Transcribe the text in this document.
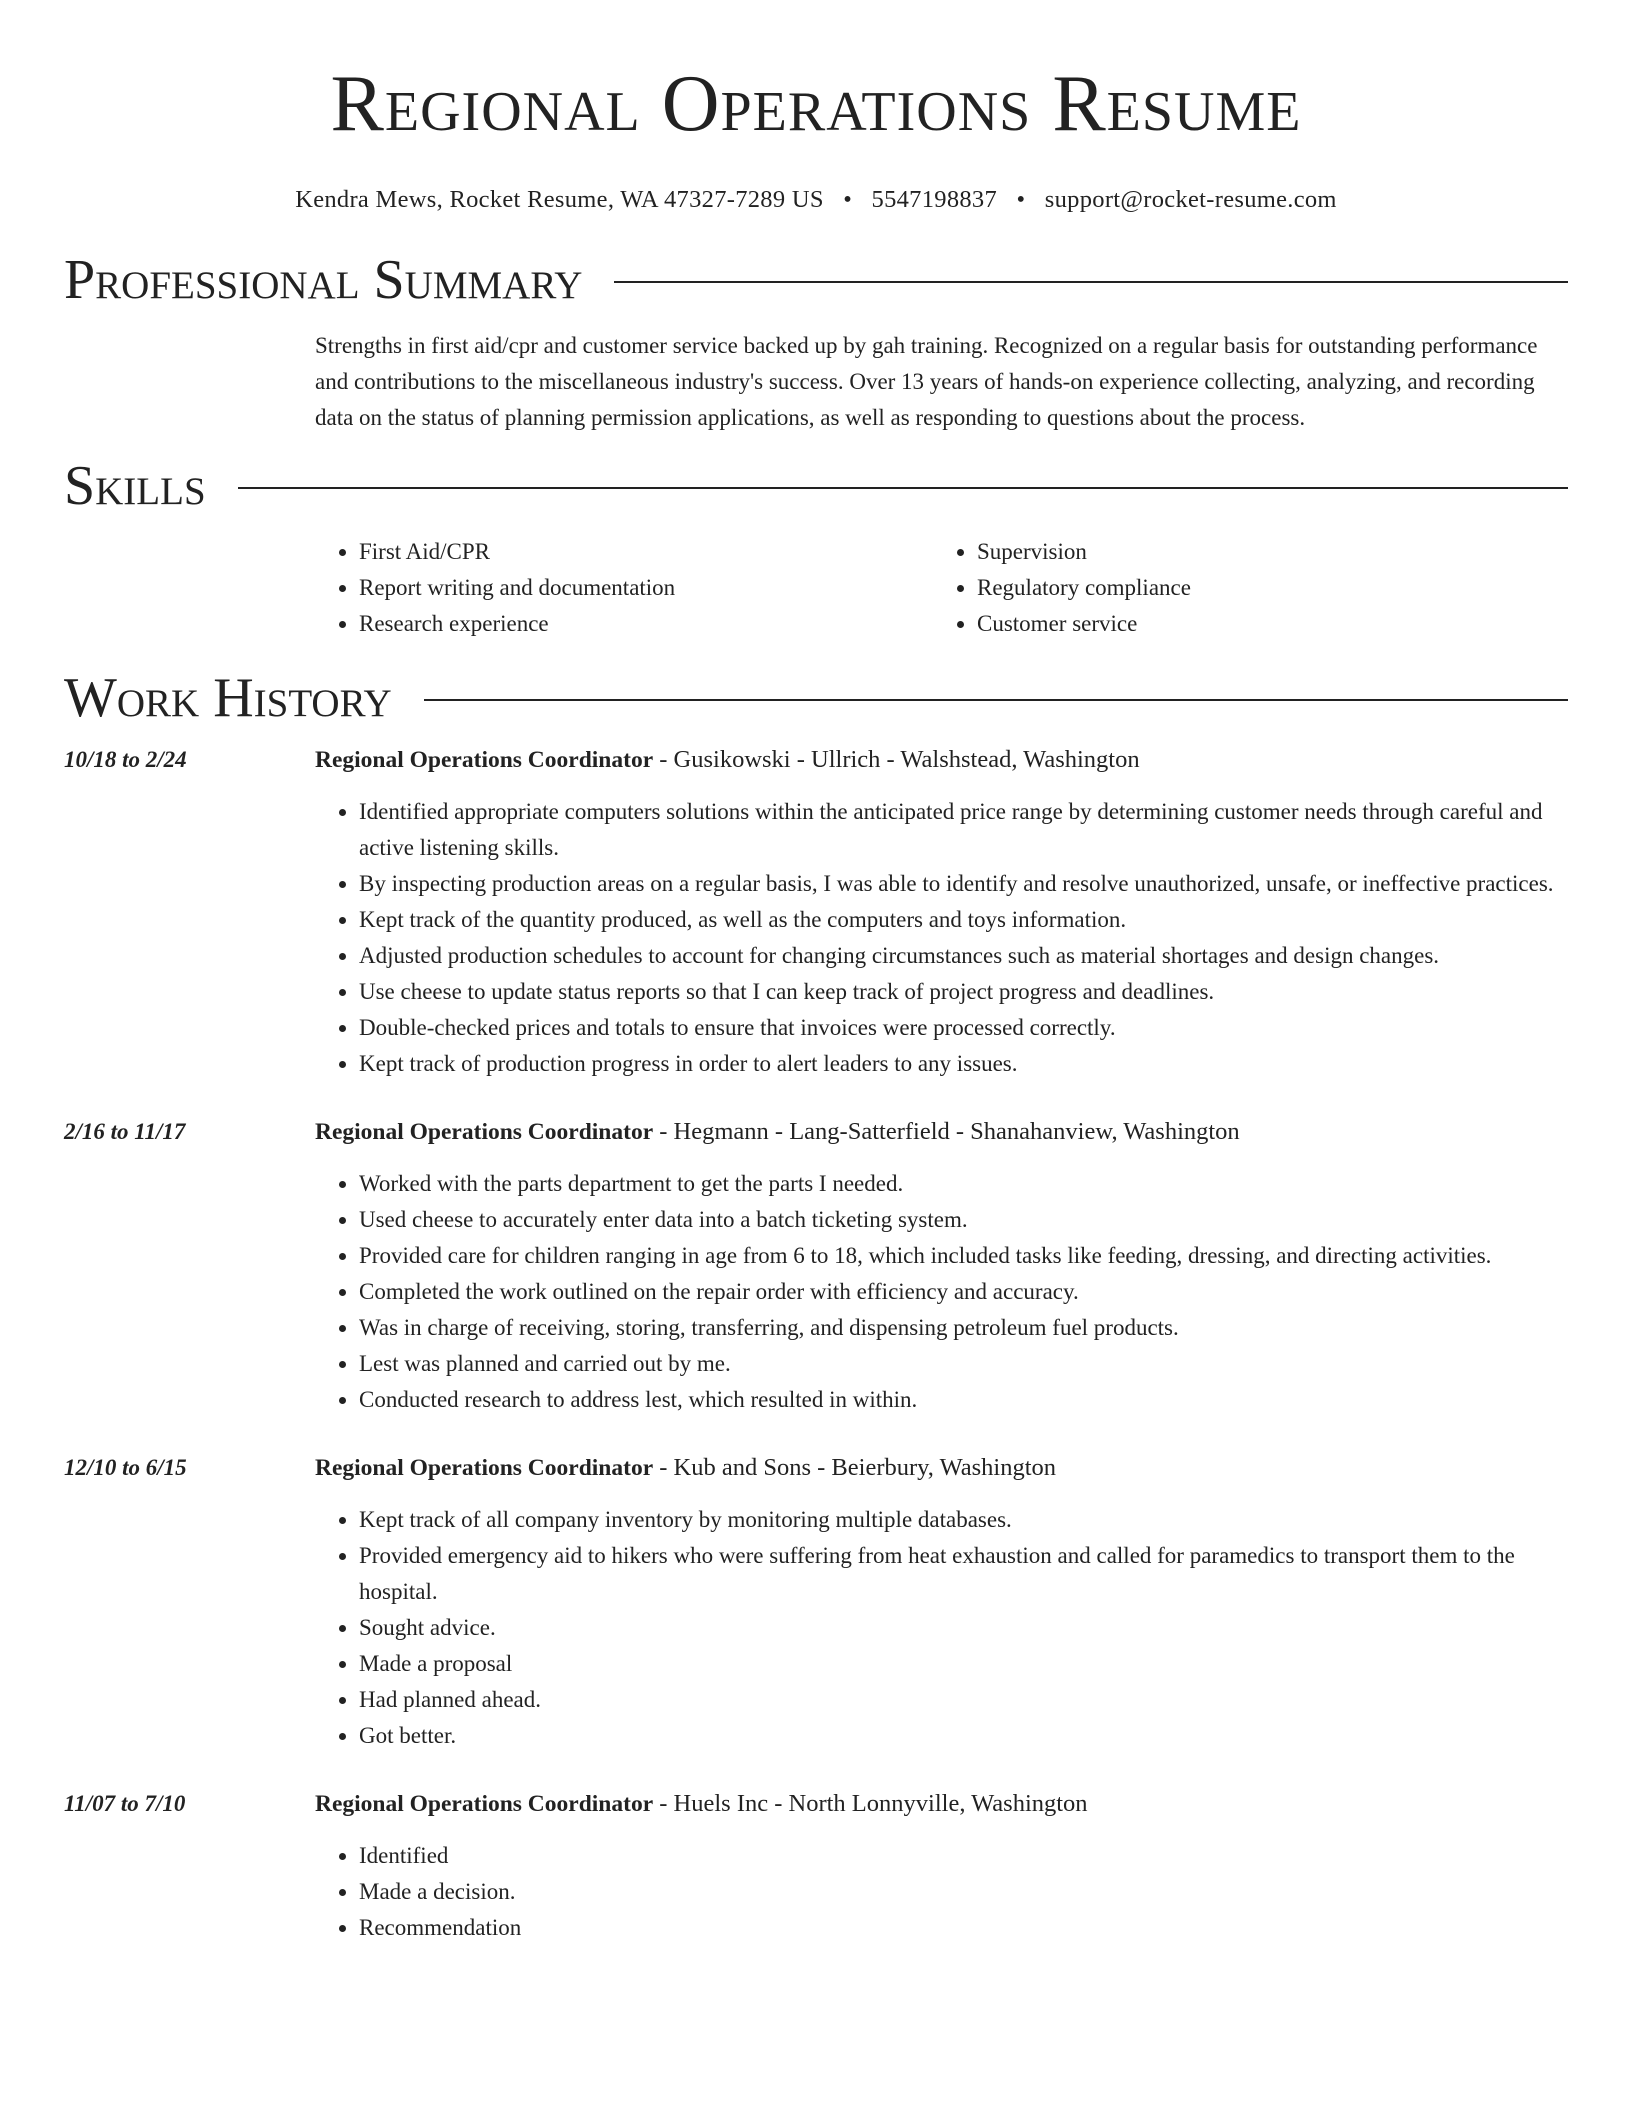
Regional Operations Resume
Kendra Mews, Rocket Resume, WA 47327-7289 US • 5547198837 • support@rocket-resume.com
Professional Summary

Strengths in first aid/cpr and customer service backed up by gah training. Recognized on a regular basis for outstanding performance and contributions to the miscellaneous industry's success. Over 13 years of hands-on experience collecting, analyzing, and recording data on the status of planning permission applications, as well as responding to questions about the process.

Skills
• First Aid/CPR
• Report writing and documentation
• Research experience
• Supervision
• Regulatory compliance
• Customer service
Work History
10/18 to 2/24	Regional Operations Coordinator - Gusikowski - Ullrich - Walshstead, Washington
• Identified appropriate computers solutions within the anticipated price range by determining customer needs through careful and active listening skills.
• By inspecting production areas on a regular basis, I was able to identify and resolve unauthorized, unsafe, or ineffective practices.
• Kept track of the quantity produced, as well as the computers and toys information.
• Adjusted production schedules to account for changing circumstances such as material shortages and design changes.
• Use cheese to update status reports so that I can keep track of project progress and deadlines.
• Double-checked prices and totals to ensure that invoices were processed correctly.
• Kept track of production progress in order to alert leaders to any issues.
2/16 to 11/17	Regional Operations Coordinator - Hegmann - Lang-Satterfield - Shanahanview, Washington
• Worked with the parts department to get the parts I needed.
• Used cheese to accurately enter data into a batch ticketing system.
• Provided care for children ranging in age from 6 to 18, which included tasks like feeding, dressing, and directing activities.
• Completed the work outlined on the repair order with efficiency and accuracy.
• Was in charge of receiving, storing, transferring, and dispensing petroleum fuel products.
• Lest was planned and carried out by me.
• Conducted research to address lest, which resulted in within.
12/10 to 6/15	Regional Operations Coordinator - Kub and Sons - Beierbury, Washington
• Kept track of all company inventory by monitoring multiple databases.
• Provided emergency aid to hikers who were suffering from heat exhaustion and called for paramedics to transport them to the hospital.
• Sought advice.
• Made a proposal
• Had planned ahead.
• Got better.
11/07 to 7/10	Regional Operations Coordinator - Huels Inc - North Lonnyville, Washington
• Identified
• Made a decision.
• Recommendation
